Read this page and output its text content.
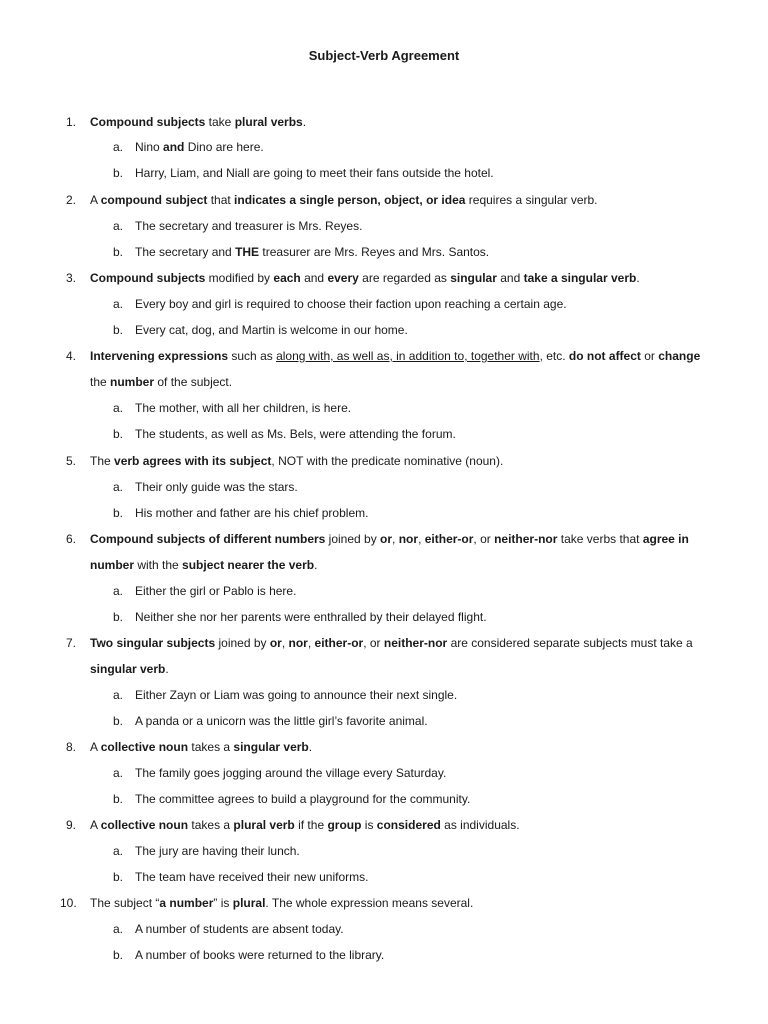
Subject-Verb Agreement
1. Compound subjects take plural verbs.
a. Nino and Dino are here.
b. Harry, Liam, and Niall are going to meet their fans outside the hotel.
2. A compound subject that indicates a single person, object, or idea requires a singular verb.
a. The secretary and treasurer is Mrs. Reyes.
b. The secretary and THE treasurer are Mrs. Reyes and Mrs. Santos.
3. Compound subjects modified by each and every are regarded as singular and take a singular verb.
a. Every boy and girl is required to choose their faction upon reaching a certain age.
b. Every cat, dog, and Martin is welcome in our home.
4. Intervening expressions such as along with, as well as, in addition to, together with, etc. do not affect or change
the number of the subject.
a. The mother, with all her children, is here.
b. The students, as well as Ms. Bels, were attending the forum.
5. The verb agrees with its subject, NOT with the predicate nominative (noun).
a. Their only guide was the stars.
b. His mother and father are his chief problem.
6. Compound subjects of different numbers joined by or, nor, either-or, or neither-nor take verbs that agree in
number with the subject nearer the verb.
a. Either the girl or Pablo is here.
b. Neither she nor her parents were enthralled by their delayed flight.
7. Two singular subjects joined by or, nor, either-or, or neither-nor are considered separate subjects must take a
singular verb.
a. Either Zayn or Liam was going to announce their next single.
b. A panda or a unicorn was the little girl’s favorite animal.
8. A collective noun takes a singular verb.
a. The family goes jogging around the village every Saturday.
b. The committee agrees to build a playground for the community.
9. A collective noun takes a plural verb if the group is considered as individuals.
a. The jury are having their lunch.
b. The team have received their new uniforms.
10. The subject “a number” is plural. The whole expression means several.
a. A number of students are absent today.
b. A number of books were returned to the library.
